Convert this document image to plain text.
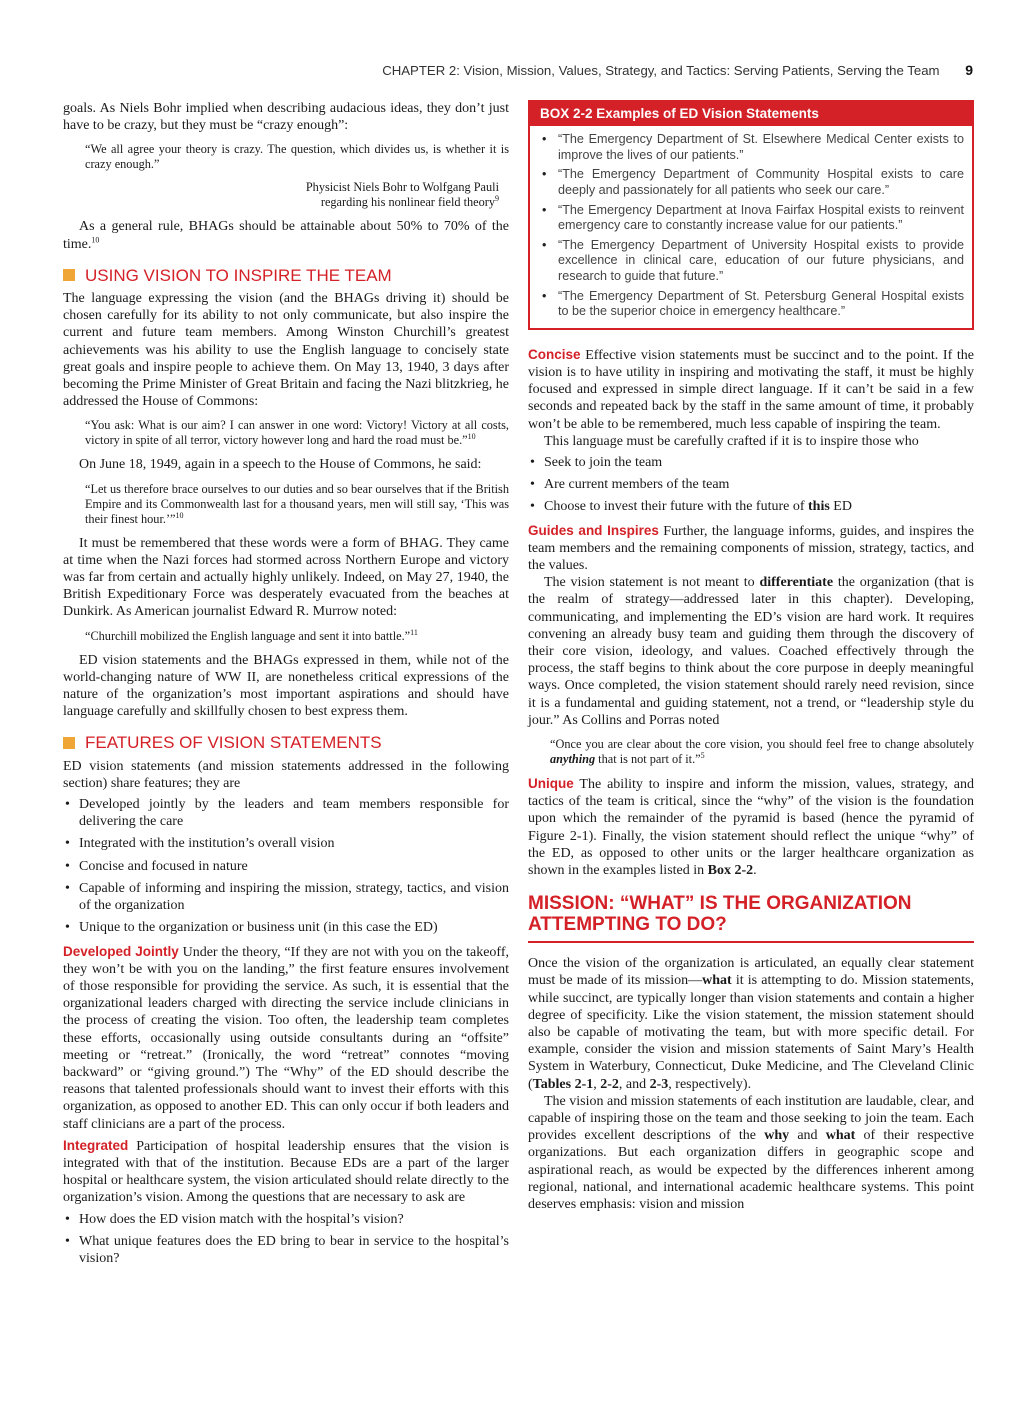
CHAPTER 2: Vision, Mission, Values, Strategy, and Tactics: Serving Patients, Serving the Team 9

goals. As Niels Bohr implied when describing audacious ideas, they don’t just have to be crazy, but they must be “crazy enough”:

“We all agree your theory is crazy. The question, which divides us, is whether it is crazy enough.”
Physicist Niels Bohr to Wolfgang Pauli
regarding his nonlinear field theory$^9$

As a general rule, BHAGs should be attainable about 50% to 70% of the time.$^{10}$

USING VISION TO INSPIRE THE TEAM

The language expressing the vision (and the BHAGs driving it) should be chosen carefully for its ability to not only communicate, but also inspire the current and future team members. Among Winston Churchill’s greatest achievements was his ability to use the English language to concisely state great goals and inspire people to achieve them. On May 13, 1940, 3 days after becoming the Prime Minister of Great Britain and facing the Nazi blitzkrieg, he addressed the House of Commons:

“You ask: What is our aim? I can answer in one word: Victory! Victory at all costs, victory in spite of all terror, victory however long and hard the road must be.”$^{10}$

On June 18, 1949, again in a speech to the House of Commons, he said:

“Let us therefore brace ourselves to our duties and so bear ourselves that if the British Empire and its Commonwealth last for a thousand years, men will still say, ‘This was their finest hour.’”$^{10}$

It must be remembered that these words were a form of BHAG. They came at time when the Nazi forces had stormed across Northern Europe and victory was far from certain and actually highly unlikely. Indeed, on May 27, 1940, the British Expeditionary Force was desperately evacuated from the beaches at Dunkirk. As American journalist Edward R. Murrow noted:

“Churchill mobilized the English language and sent it into battle.”$^{11}$

ED vision statements and the BHAGs expressed in them, while not of the world-changing nature of WW II, are nonetheless critical expressions of the nature of the organization’s most important aspirations and should have language carefully and skillfully chosen to best express them.

FEATURES OF VISION STATEMENTS

ED vision statements (and mission statements addressed in the following section) share features; they are

• Developed jointly by the leaders and team members responsible for delivering the care
• Integrated with the institution’s overall vision
• Concise and focused in nature
• Capable of informing and inspiring the mission, strategy, tactics, and vision of the organization
• Unique to the organization or business unit (in this case the ED)

Developed Jointly Under the theory, “If they are not with you on the takeoff, they won’t be with you on the landing,” the first feature ensures involvement of those responsible for providing the service. As such, it is essential that the organizational leaders charged with directing the service include clinicians in the process of creating the vision. Too often, the leadership team completes these efforts, occasionally using outside consultants during an “offsite” meeting or “retreat.” (Ironically, the word “retreat” connotes “moving backward” or “giving ground.”) The “Why” of the ED should describe the reasons that talented professionals should want to invest their efforts with this organization, as opposed to another ED. This can only occur if both leaders and staff clinicians are a part of the process.

Integrated Participation of hospital leadership ensures that the vision is integrated with that of the institution. Because EDs are a part of the larger hospital or healthcare system, the vision articulated should relate directly to the organization’s vision. Among the questions that are necessary to ask are

• How does the ED vision match with the hospital’s vision?
• What unique features does the ED bring to bear in service to the hospital’s vision?
BOX 2-2 Examples of ED Vision Statements
• “The Emergency Department of St. Elsewhere Medical Center exists to improve the lives of our patients.”
• “The Emergency Department of Community Hospital exists to care deeply and passionately for all patients who seek our care.”
• “The Emergency Department at Inova Fairfax Hospital exists to reinvent emergency care to constantly increase value for our patients.”
• “The Emergency Department of University Hospital exists to provide excellence in clinical care, education of our future physicians, and research to guide that future.”
• “The Emergency Department of St. Petersburg General Hospital exists to be the superior choice in emergency healthcare.”

Concise Effective vision statements must be succinct and to the point. If the vision is to have utility in inspiring and motivating the staff, it must be highly focused and expressed in simple direct language. If it can’t be said in a few seconds and repeated back by the staff in the same amount of time, it probably won’t be able to be remembered, much less capable of inspiring the team.

This language must be carefully crafted if it is to inspire those who

• Seek to join the team
• Are current members of the team
• Choose to invest their future with the future of this ED

Guides and Inspires Further, the language informs, guides, and inspires the team members and the remaining components of mission, strategy, tactics, and the values.

The vision statement is not meant to differentiate the organization (that is the realm of strategy—addressed later in this chapter). Developing, communicating, and implementing the ED’s vision are hard work. It requires convening an already busy team and guiding them through the discovery of their core vision, ideology, and values. Coached effectively through the process, the staff begins to think about the core purpose in deeply meaningful ways. Once completed, the vision statement should rarely need revision, since it is a fundamental and guiding statement, not a trend, or “leadership style du jour.” As Collins and Porras noted

“Once you are clear about the core vision, you should feel free to change absolutely anything that is not part of it.”$^5$

Unique The ability to inspire and inform the mission, values, strategy, and tactics of the team is critical, since the “why” of the vision is the foundation upon which the remainder of the pyramid is based (hence the pyramid of Figure 2-1). Finally, the vision statement should reflect the unique “why” of the ED, as opposed to other units or the larger healthcare organization as shown in the examples listed in Box 2-2.

MISSION: “WHAT” IS THE ORGANIZATION ATTEMPTING TO DO?

Once the vision of the organization is articulated, an equally clear statement must be made of its mission—what it is attempting to do. Mission statements, while succinct, are typically longer than vision statements and contain a higher degree of specificity. Like the vision statement, the mission statement should also be capable of motivating the team, but with more specific detail. For example, consider the vision and mission statements of Saint Mary’s Health System in Waterbury, Connecticut, Duke Medicine, and The Cleveland Clinic (Tables 2-1, 2-2, and 2-3, respectively).

The vision and mission statements of each institution are laudable, clear, and capable of inspiring those on the team and those seeking to join the team. Each provides excellent descriptions of the why and what of their respective organizations. But each organization differs in geographic scope and aspirational reach, as would be expected by the differences inherent among regional, national, and international academic healthcare systems. This point deserves emphasis: vision and mission
